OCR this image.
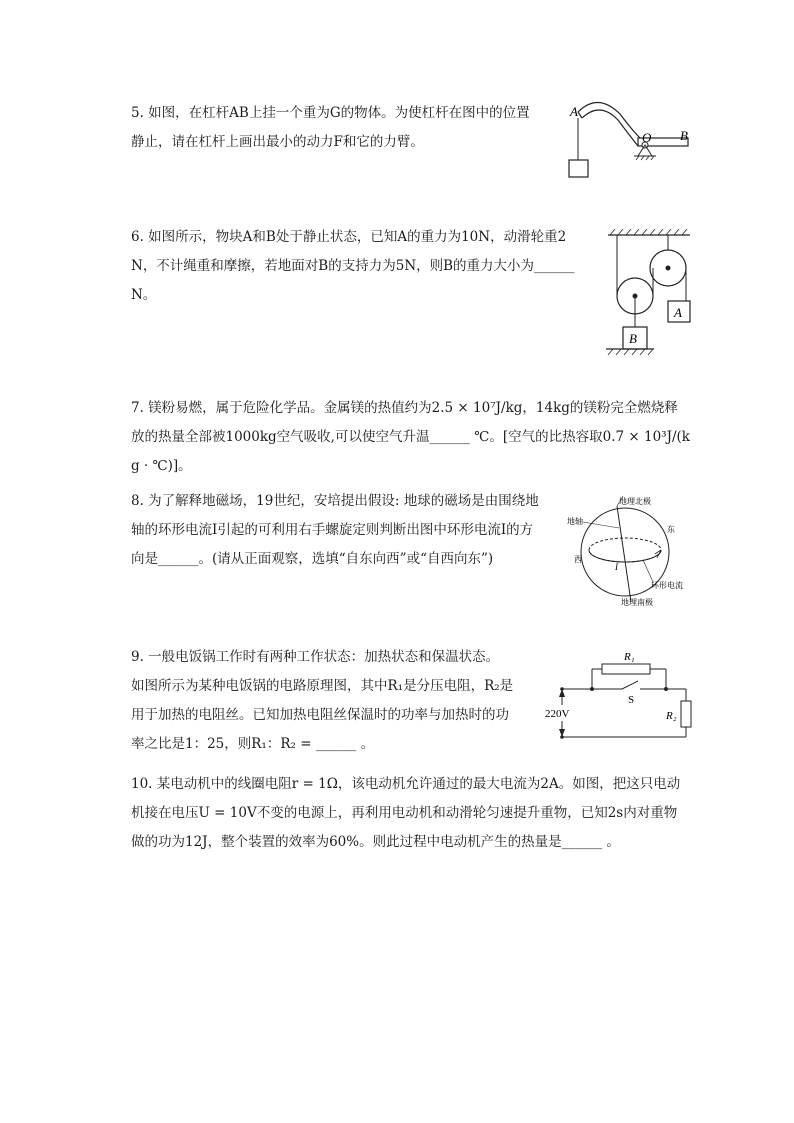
5. 如图，在杠杆AB上挂一个重为G的物体。为使杠杆在图中的位置

静止，请在杠杆上画出最小的动力F和它的力臂。

A
O B

6. 如图所示，物块A和B处于静止状态，已知A的重力为10N，动滑轮重2

N，不计绳重和摩擦，若地面对B的支持力为5N，则B的重力大小为______

N。

A
B

7. 镁粉易燃，属于危险化学品。金属镁的热值约为2.5 × 10⁷J/kg，14kg的镁粉完全燃烧释

放的热量全部被1000kg空气吸收,可以使空气升温______ ℃。[空气的比热容取0.7 × 10³J/(k

g · ℃)]。

8. 为了解释地磁场，19世纪，安培提出假设: 地球的磁场是由围绕地

轴的环形电流I引起的可利用右手螺旋定则判断出图中环形电流I的方

向是______。(请从正面观察，选填“自东向西”或“自西向东”)

地理北极
地轴
东
西
I
环形电流
地理南极

9. 一般电饭锅工作时有两种工作状态：加热状态和保温状态。

如图所示为某种电饭锅的电路原理图，其中R₁是分压电阻，R₂是

用于加热的电阻丝。已知加热电阻丝保温时的功率与加热时的功

率之比是1：25，则R₁：R₂ = ______ 。

R₁
S
R₂
220V

10. 某电动机中的线圈电阻r = 1Ω，该电动机允许通过的最大电流为2A。如图，把这只电动

机接在电压U = 10V不变的电源上，再利用电动机和动滑轮匀速提升重物，已知2s内对重物

做的功为12J，整个装置的效率为60%。则此过程中电动机产生的热量是______ 。
